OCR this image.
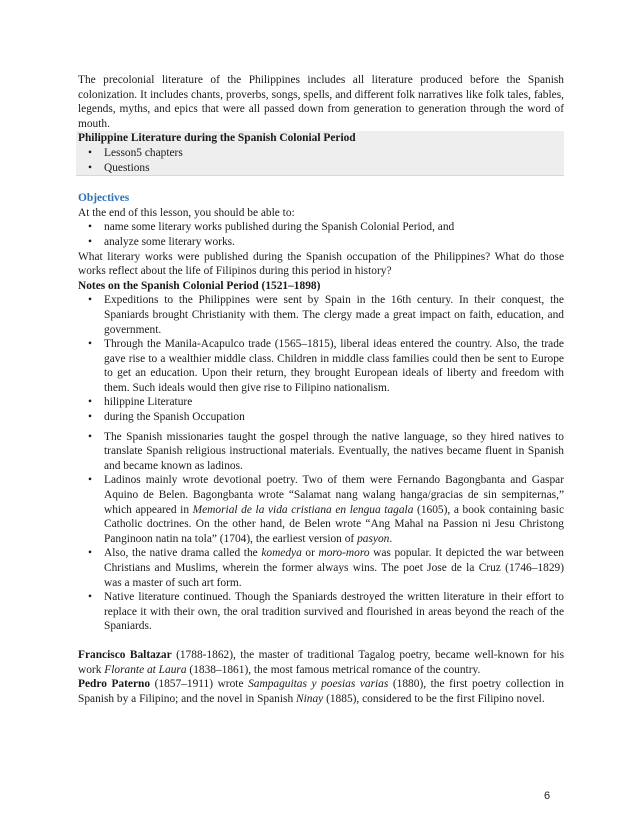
The precolonial literature of the Philippines includes all literature produced before the Spanish colonization. It includes chants, proverbs, songs, spells, and different folk narratives like folk tales, fables, legends, myths, and epics that were all passed down from generation to generation through the word of mouth.

Philippine Literature during the Spanish Colonial Period

• Lesson5 chapters
• Questions

Objectives

At the end of this lesson, you should be able to:

• name some literary works published during the Spanish Colonial Period, and
• analyze some literary works.

What literary works were published during the Spanish occupation of the Philippines? What do those works reflect about the life of Filipinos during this period in history?

Notes on the Spanish Colonial Period (1521–1898)

• Expeditions to the Philippines were sent by Spain in the 16th century. In their conquest, the Spaniards brought Christianity with them. The clergy made a great impact on faith, education, and government.
• Through the Manila-Acapulco trade (1565–1815), liberal ideas entered the country. Also, the trade gave rise to a wealthier middle class. Children in middle class families could then be sent to Europe to get an education. Upon their return, they brought European ideals of liberty and freedom with them. Such ideals would then give rise to Filipino nationalism.
• hilippine Literature
• during the Spanish Occupation
• The Spanish missionaries taught the gospel through the native language, so they hired natives to translate Spanish religious instructional materials. Eventually, the natives became fluent in Spanish and became known as ladinos.
• Ladinos mainly wrote devotional poetry. Two of them were Fernando Bagongbanta and Gaspar Aquino de Belen. Bagongbanta wrote “Salamat nang walang hanga/gracias de sin sempiternas,” which appeared in Memorial de la vida cristiana en lengua tagala (1605), a book containing basic Catholic doctrines. On the other hand, de Belen wrote “Ang Mahal na Passion ni Jesu Christong Panginoon natin na tola” (1704), the earliest version of pasyon.
• Also, the native drama called the komedya or moro-moro was popular. It depicted the war between Christians and Muslims, wherein the former always wins. The poet Jose de la Cruz (1746–1829) was a master of such art form.
• Native literature continued. Though the Spaniards destroyed the written literature in their effort to replace it with their own, the oral tradition survived and flourished in areas beyond the reach of the Spaniards.

Francisco Baltazar (1788-1862), the master of traditional Tagalog poetry, became well-known for his work Florante at Laura (1838–1861), the most famous metrical romance of the country.

Pedro Paterno (1857–1911) wrote Sampaguitas y poesias varias (1880), the first poetry collection in Spanish by a Filipino; and the novel in Spanish Ninay (1885), considered to be the first Filipino novel.

6
